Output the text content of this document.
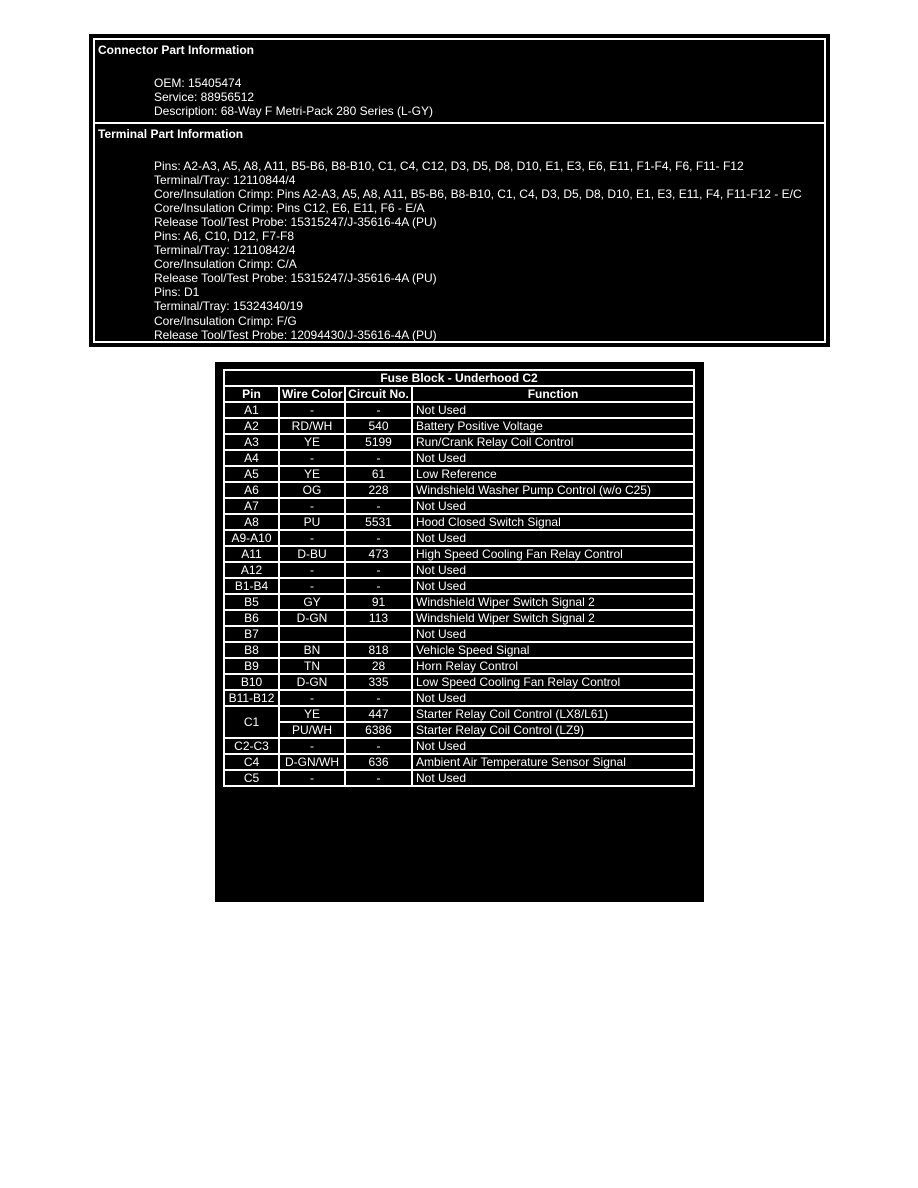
Connector Part Information
OEM: 15405474
Service: 88956512
Description: 68-Way F Metri-Pack 280 Series (L-GY)
Terminal Part Information
Pins: A2-A3, A5, A8, A11, B5-B6, B8-B10, C1, C4, C12, D3, D5, D8, D10, E1, E3, E6, E11, F1-F4, F6, F11- F12
Terminal/Tray: 12110844/4
Core/Insulation Crimp: Pins A2-A3, A5, A8, A11, B5-B6, B8-B10, C1, C4, D3, D5, D8, D10, E1, E3, E11, F4, F11-F12 - E/C
Core/Insulation Crimp: Pins C12, E6, E11, F6 - E/A
Release Tool/Test Probe: 15315247/J-35616-4A (PU)
Pins: A6, C10, D12, F7-F8
Terminal/Tray: 12110842/4
Core/Insulation Crimp: C/A
Release Tool/Test Probe: 15315247/J-35616-4A (PU)
Pins: D1
Terminal/Tray: 15324340/19
Core/Insulation Crimp: F/G
Release Tool/Test Probe: 12094430/J-35616-4A (PU)
Fuse Block - Underhood C2			
Pin	Wire Color	Circuit No.	Function
A1	-	-	Not Used
A2	RD/WH	540	Battery Positive Voltage
A3	YE	5199	Run/Crank Relay Coil Control
A4	-	-	Not Used
A5	YE	61	Low Reference
A6	OG	228	Windshield Washer Pump Control (w/o C25)
A7	-	-	Not Used
A8	PU	5531	Hood Closed Switch Signal
A9-A10	-	-	Not Used
A11	D-BU	473	High Speed Cooling Fan Relay Control
A12	-	-	Not Used
B1-B4	-	-	Not Used
B5	GY	91	Windshield Wiper Switch Signal 2
B6	D-GN	113	Windshield Wiper Switch Signal 2
B7			Not Used
B8	BN	818	Vehicle Speed Signal
B9	TN	28	Horn Relay Control
B10	D-GN	335	Low Speed Cooling Fan Relay Control
B11-B12	-	-	Not Used
C1	YE	447	Starter Relay Coil Control (LX8/L61)
	PU/WH	6386	Starter Relay Coil Control (LZ9)
C2-C3	-	-	Not Used
C4	D-GN/WH	636	Ambient Air Temperature Sensor Signal
C5	-	-	Not Used
